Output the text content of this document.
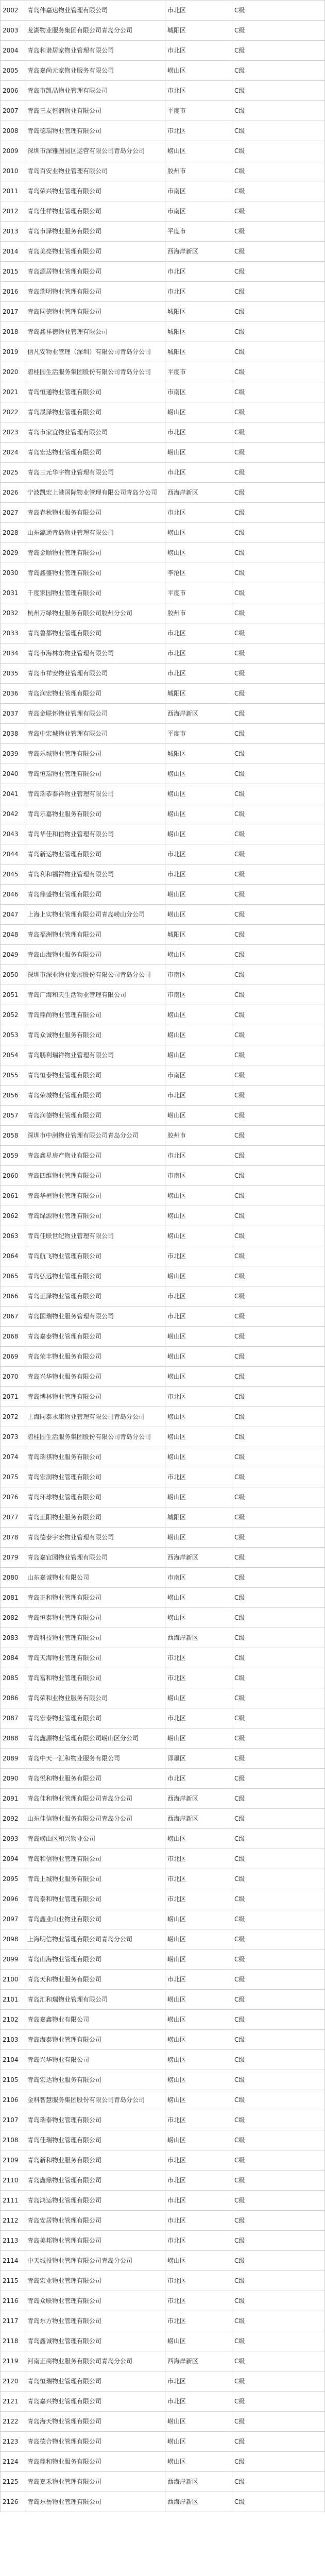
2002	青岛伟嘉达物业管理有限公司	市北区	C级
2003	龙湖物业服务集团有限公司青岛分公司	城阳区	C级
2004	青岛和谐居家物业管理有限公司	市北区	C级
2005	青岛嘉尚元家物业服务有限公司	崂山区	C级
2006	青岛市凯晶物业管理有限公司	市北区	C级
2007	青岛三友恒润物业有限公司	平度市	C级
2008	青岛德瑞物业管理有限公司	市北区	C级
2009	深圳市深雅图园区运营有限公司青岛分公司	崂山区	C级
2010	青岛百安业物业管理有限公司	胶州市	C级
2011	青岛荣兴物业管理有限公司	市南区	C级
2012	青岛佳祥物业管理有限公司	市南区	C级
2013	青岛市泽物业服务有限公司	平度市	C级
2014	青岛美亮物业管理有限公司	西海岸新区	C级
2015	青岛源居物业管理有限公司	市北区	C级
2016	青岛瑞明物业管理有限公司	市北区	C级
2017	青岛同德物业管理有限公司	城阳区	C级
2018	青岛鑫祥德物业管理有限公司	城阳区	C级
2019	信凡安物业管理（深圳）有限公司青岛分公司	城阳区	C级
2020	碧桂园生活服务集团股份有限公司青岛分公司	平度市	C级
2021	青岛恒通物业管理有限公司	市南区	C级
2022	青岛晟泽物业管理有限公司	崂山区	C级
2023	青岛市家宜物业管理有限公司	市北区	C级
2024	青岛宏达物业管理有限公司	崂山区	C级
2025	青岛三元华宇物业管理有限公司	市北区	C级
2026	宁波凯宏上港国际物业管理有限公司青岛分公司	西海岸新区	C级
2027	青岛春秋物业服务有限公司	市北区	C级
2028	山东瀛通青岛物业管理有限公司	崂山区	C级
2029	青岛金顺物业管理有限公司	崂山区	C级
2030	青岛鑫盛物业管理有限公司	李沧区	C级
2031	千度家园物业管理有限公司	平度市	C级
2032	杭州万绿物业服务有限公司胶州分公司	胶州市	C级
2033	青岛鲁都物业管理有限公司	市北区	C级
2034	青岛市海林东物业管理有限公司	市北区	C级
2035	青岛市祥安物业管理有限公司	市北区	C级
2036	青岛润宏物业管理有限公司	城阳区	C级
2037	青岛金联怀物业管理有限公司	西海岸新区	C级
2038	青岛中宏城物业管理有限公司	平度市	C级
2039	青岛乐城物业管理有限公司	城阳区	C级
2040	青岛恒瑞物业管理有限公司	崂山区	C级
2041	青岛瑞恭泰祥物业管理有限公司	崂山区	C级
2042	青岛乐嘉物业服务有限公司	崂山区	C级
2043	青岛华佳和信物业管理有限公司	崂山区	C级
2044	青岛新运物业管理有限公司	市北区	C级
2045	青岛利和福祥物业管理有限公司	市北区	C级
2046	青岛鼎盛物业管理有限公司	崂山区	C级
2047	上海上实物业管理有限公司青岛崂山分公司	崂山区	C级
2048	青岛福洲物业管理有限公司	城阳区	C级
2049	青岛山海物业服务有限公司	崂山区	C级
2050	深圳市深业物业发展股份有限公司青岛分公司	市南区	C级
2051	青岛广海和天生活物业管理有限公司	市南区	C级
2052	青岛鼎尚物业管理有限公司	崂山区	C级
2053	青岛众诚物业服务有限公司	崂山区	C级
2054	青岛鹏利瑞祥物业管理有限公司	崂山区	C级
2055	青岛恒泰物业管理有限公司	市南区	C级
2056	青岛荣城物业管理有限公司	市北区	C级
2057	青岛润德物业管理有限公司	崂山区	C级
2058	深圳市中洲物业管理有限公司青岛分公司	胶州市	C级
2059	青岛鑫星房产物业有限公司	市北区	C级
2060	青岛四维物业管理有限公司	市南区	C级
2061	青岛华桓物业管理有限公司	崂山区	C级
2062	青岛绿源物业管理有限公司	崂山区	C级
2063	青岛佳联世纪物业管理有限公司	崂山区	C级
2064	青岛航飞物业管理有限公司	市北区	C级
2065	青岛弘远物业管理有限公司	崂山区	C级
2066	青岛正泽物业管理有限公司	市北区	C级
2067	青岛国瑞物业服务管理有限公司	市北区	C级
2068	青岛嘉泰物业管理有限公司	崂山区	C级
2069	青岛荣丰物业服务有限公司	崂山区	C级
2070	青岛兴华物业服务有限公司	崂山区	C级
2071	青岛博林物业管理有限公司	市北区	C级
2072	上海同泰永康物业管理有限公司青岛分公司	崂山区	C级
2073	碧桂园生活服务集团股份有限公司青岛分公司	崂山区	C级
2074	青岛瑞祺物业服务有限公司	崂山区	C级
2075	青岛宏润物业管理有限公司	市北区	C级
2076	青岛环球物业管理有限公司	崂山区	C级
2077	青岛正阳物业服务有限公司	城阳区	C级
2078	青岛德泰宇宏物业管理有限公司	崂山区	C级
2079	青岛嘉宜园物业管理有限公司	西海岸新区	C级
2080	山东嘉诚物业有限公司	市南区	C级
2081	青岛正和物业管理有限公司	崂山区	C级
2082	青岛恒泰物业管理有限公司	崂山区	C级
2083	青岛科技物业管理有限公司	西海岸新区	C级
2084	青岛天海物业管理有限公司	市北区	C级
2085	青岛富和物业管理有限公司	市北区	C级
2086	青岛荣和业物业服务有限公司	崂山区	C级
2087	青岛宏泰物业管理有限公司	市北区	C级
2088	青岛鑫源物业管理有限公司崂山区分公司	崂山区	C级
2089	青岛中天一汇和物业服务有限公司	即墨区	C级
2090	青岛悦和物业服务有限公司	市北区	C级
2091	青岛佳和物业管理有限公司青岛分公司	西海岸新区	C级
2092	山东佳信物业服务有限公司青岛分公司	西海岸新区	C级
2093	青岛崂山区和兴物业公司	崂山区	C级
2094	青岛和信物业管理有限公司	市北区	C级
2095	青岛上城物业服务有限公司	市北区	C级
2096	青岛泰和物业管理有限公司	市北区	C级
2097	青岛鑫业山业物业有限公司	崂山区	C级
2098	上海明信物业管理有限公司青岛分公司	崂山区	C级
2099	青岛山海物业管理有限公司	崂山区	C级
2100	青岛天和物业服务有限公司	市北区	C级
2101	青岛汇和瑞物业管理有限公司	崂山区	C级
2102	青岛嘉鑫物业有限公司	崂山区	C级
2103	青岛海泰物业管理有限公司	崂山区	C级
2104	青岛兴华物业有限公司	崂山区	C级
2105	青岛宏达物业服务有限公司	崂山区	C级
2106	金科智慧服务集团股份有限公司青岛分公司	崂山区	C级
2107	青岛瑞泰物业管理有限公司	市北区	C级
2108	青岛佳瑞物业管理有限公司	崂山区	C级
2109	青岛新和物业服务有限公司	市北区	C级
2110	青岛鑫鼎物业管理有限公司	市北区	C级
2111	青岛鸿运物业管理有限公司	市北区	C级
2112	青岛安居物业管理有限公司	市北区	C级
2113	青岛美邦物业管理有限公司	市北区	C级
2114	中天城投物业管理有限公司青岛分公司	崂山区	C级
2115	青岛宏业物业管理有限公司	市北区	C级
2116	青岛众联物业管理有限公司	市北区	C级
2117	青岛东方物业管理有限公司	市北区	C级
2118	青岛鑫诚物业管理有限公司	崂山区	C级
2119	河南正商物业服务有限公司青岛分公司	西海岸新区	C级
2120	青岛恒瑞物业管理有限公司	市北区	C级
2121	青岛嘉兴物业管理有限公司	市北区	C级
2122	青岛海天物业管理有限公司	崂山区	C级
2123	青岛德合物业管理有限公司	崂山区	C级
2124	青岛鼎和物业服务有限公司	崂山区	C级
2125	青岛嘉禾物业管理有限公司	西海岸新区	C级
2126	青岛东岳物业管理有限公司	西海岸新区	C级
